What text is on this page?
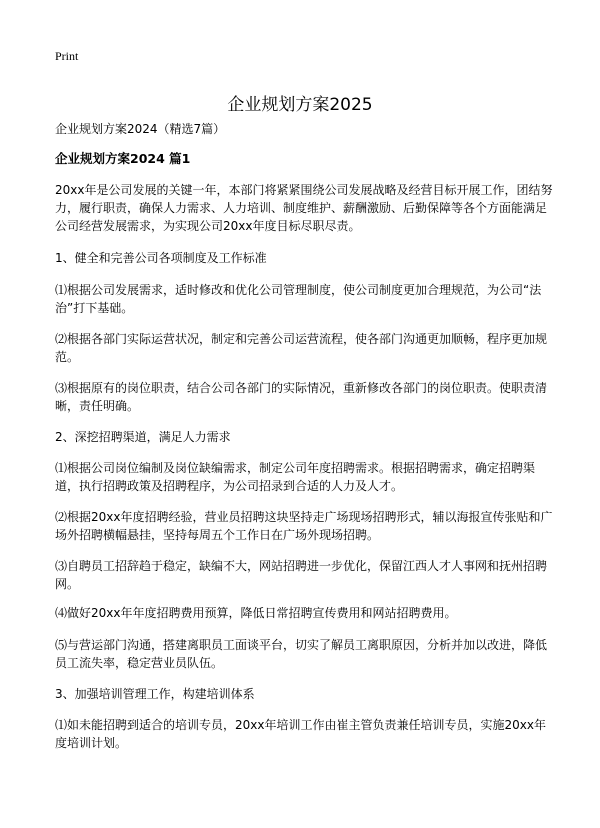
Print
企业规划方案2025
企业规划方案2024（精选7篇）
企业规划方案2024 篇1

20xx年是公司发展的关键一年，本部门将紧紧围绕公司发展战略及经营目标开展工作，团结努力，履行职责，确保人力需求、人力培训、制度维护、薪酬激励、后勤保障等各个方面能满足公司经营发展需求，为实现公司20xx年度目标尽职尽责。

1、健全和完善公司各项制度及工作标准

⑴根据公司发展需求，适时修改和优化公司管理制度，使公司制度更加合理规范，为公司“法治”打下基础。

⑵根据各部门实际运营状况，制定和完善公司运营流程，使各部门沟通更加顺畅，程序更加规范。

⑶根据原有的岗位职责，结合公司各部门的实际情况，重新修改各部门的岗位职责。使职责清晰，责任明确。

2、深挖招聘渠道，满足人力需求

⑴根据公司岗位编制及岗位缺编需求，制定公司年度招聘需求。根据招聘需求，确定招聘渠道，执行招聘政策及招聘程序，为公司招录到合适的人力及人才。

⑵根据20xx年度招聘经验，营业员招聘这块坚持走广场现场招聘形式，辅以海报宣传张贴和广场外招聘横幅悬挂，坚持每周五个工作日在广场外现场招聘。

⑶自聘员工招辞趋于稳定，缺编不大，网站招聘进一步优化，保留江西人才人事网和抚州招聘网。

⑷做好20xx年年度招聘费用预算，降低日常招聘宣传费用和网站招聘费用。

⑸与营运部门沟通，搭建离职员工面谈平台，切实了解员工离职原因，分析并加以改进，降低员工流失率，稳定营业员队伍。

3、加强培训管理工作，构建培训体系

⑴如未能招聘到适合的培训专员，20xx年培训工作由崔主管负责兼任培训专员，实施20xx年度培训计划。
